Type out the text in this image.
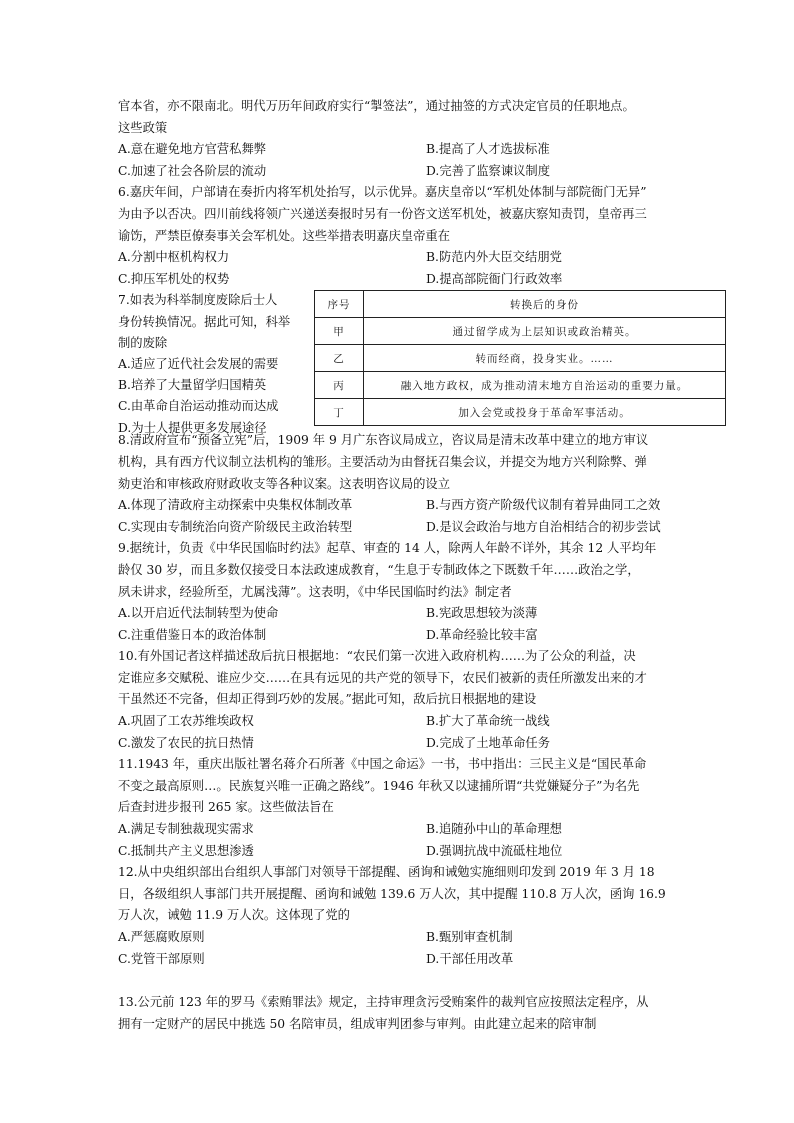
官本省，亦不限南北。明代万历年间政府实行“掣签法”，通过抽签的方式决定官员的任职地点。

这些政策

A.意在避免地方官营私舞弊	B.提高了人才选拔标准
C.加速了社会各阶层的流动	D.完善了监察谏议制度

6.嘉庆年间，户部请在奏折内将军机处抬写，以示优异。嘉庆皇帝以“军机处体制与部院衙门无异”

为由予以否决。四川前线将领广兴递送奏报时另有一份咨文送军机处，被嘉庆察知责罚，皇帝再三

谕饬，严禁臣僚奏事关会军机处。这些举措表明嘉庆皇帝重在

A.分割中枢机构权力	B.防范内外大臣交结朋党
C.抑压军机处的权势	D.提高部院衙门行政效率

7.如表为科举制度废除后士人

身份转换情况。据此可知，科举

制的废除

A.适应了近代社会发展的需要

B.培养了大量留学归国精英

C.由革命自治运动推动而达成

D.为士人提供更多发展途径

序号	转换后的身份
甲	通过留学成为上层知识或政治精英。
乙	转而经商，投身实业。……
丙	融入地方政权，成为推动清末地方自治运动的重要力量。
丁	加入会党或投身于革命军事活动。

8.清政府宣布“预备立宪”后，1909 年 9 月广东咨议局成立，咨议局是清末改革中建立的地方审议

机构，具有西方代议制立法机构的雏形。主要活动为由督抚召集会议，并提交为地方兴利除弊、弹

劾吏治和审核政府财政收支等各种议案。这表明咨议局的设立

A.体现了清政府主动探索中央集权体制改革	B.与西方资产阶级代议制有着异曲同工之效
C.实现由专制统治向资产阶级民主政治转型	D.是议会政治与地方自治相结合的初步尝试

9.据统计，负责《中华民国临时约法》起草、审查的 14 人，除两人年龄不详外，其余 12 人平均年

龄仅 30 岁，而且多数仅接受日本法政速成教育，“生息于专制政体之下既数千年……政治之学，

夙未讲求，经验所至，尤属浅薄”。这表明，《中华民国临时约法》制定者

A.以开启近代法制转型为使命	B.宪政思想较为淡薄
C.注重借鉴日本的政治体制	D.革命经验比较丰富

10.有外国记者这样描述敌后抗日根据地：“农民们第一次进入政府机构……为了公众的利益，决

定谁应多交赋税、谁应少交……在具有远见的共产党的领导下，农民们被新的责任所激发出来的才

干虽然还不完备，但却正得到巧妙的发展。”据此可知，敌后抗日根据地的建设

A.巩固了工农苏维埃政权	B.扩大了革命统一战线
C.激发了农民的抗日热情	D.完成了土地革命任务

11.1943 年，重庆出版社署名蒋介石所著《中国之命运》一书，书中指出：三民主义是“国民革命

不变之最高原则…。民族复兴唯一正确之路线”。1946 年秋又以逮捕所谓“共党嫌疑分子”为名先

后查封进步报刊 265 家。这些做法旨在

A.满足专制独裁现实需求	B.追随孙中山的革命理想
C.抵制共产主义思想渗透	D.强调抗战中流砥柱地位

12.从中央组织部出台组织人事部门对领导干部提醒、函询和诫勉实施细则印发到 2019 年 3 月 18

日，各级组织人事部门共开展提醒、函询和诫勉 139.6 万人次，其中提醒 110.8 万人次，函询 16.9

万人次，诫勉 11.9 万人次。这体现了党的

A.严惩腐败原则	B.甄别审查机制
C.党管干部原则	D.干部任用改革

13.公元前 123 年的罗马《索贿罪法》规定，主持审理贪污受贿案件的裁判官应按照法定程序，从

拥有一定财产的居民中挑选 50 名陪审员，组成审判团参与审判。由此建立起来的陪审制
